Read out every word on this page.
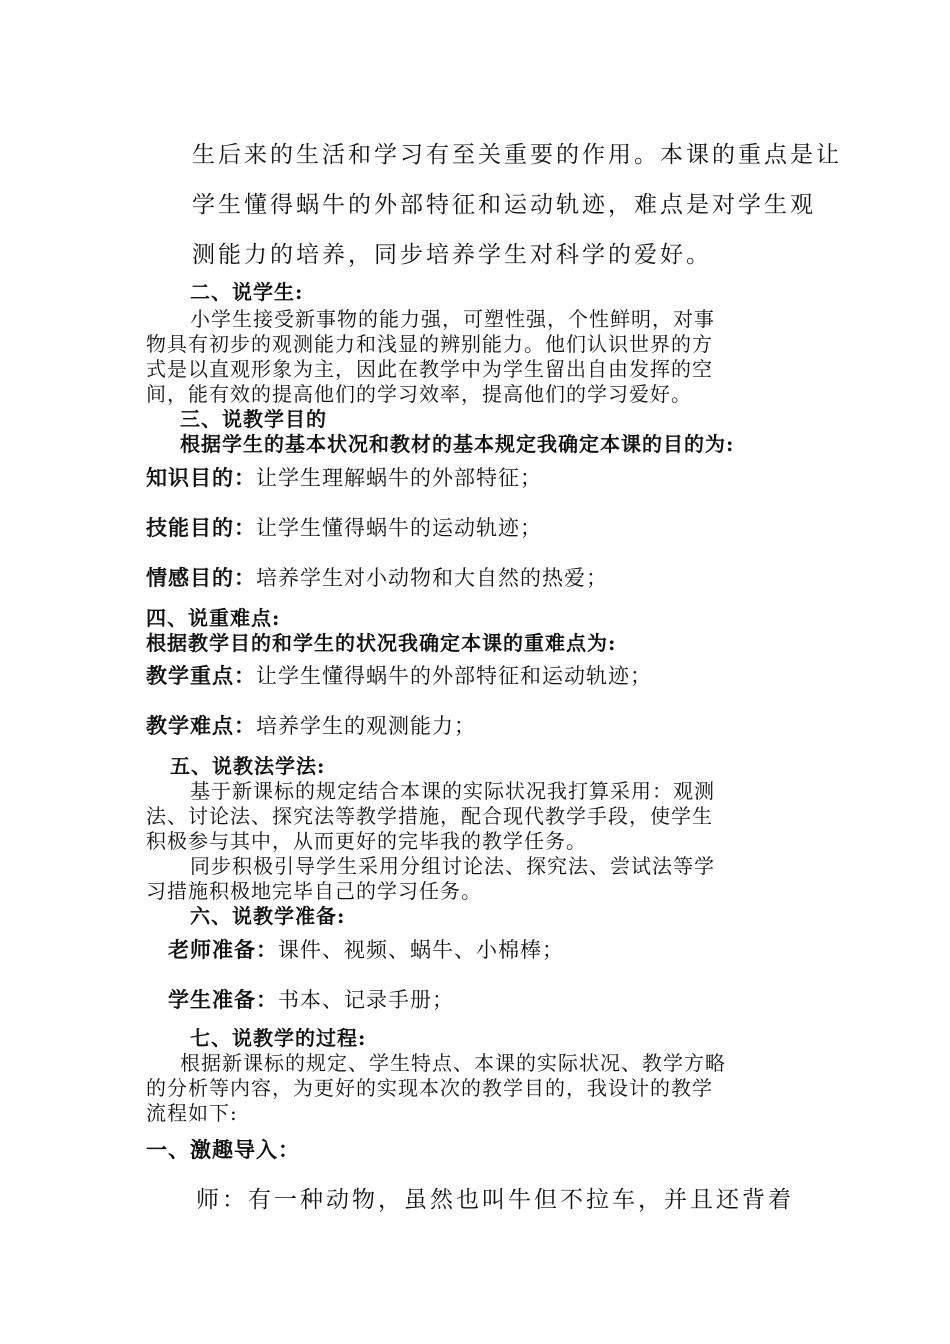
生后来的生活和学习有至关重要的作用。本课的重点是让

学生懂得蜗牛的外部特征和运动轨迹，难点是对学生观

测能力的培养，同步培养学生对科学的爱好。

二、说学生:

小学生接受新事物的能力强，可塑性强，个性鲜明，对事

物具有初步的观测能力和浅显的辨别能力。他们认识世界的方

式是以直观形象为主，因此在教学中为学生留出自由发挥的空

间，能有效的提高他们的学习效率，提高他们的学习爱好。

三、说教学目的

根据学生的基本状况和教材的基本规定我确定本课的目的为:

知识目的：让学生理解蜗牛的外部特征；

技能目的：让学生懂得蜗牛的运动轨迹；

情感目的：培养学生对小动物和大自然的热爱；

四、说重难点:

根据教学目的和学生的状况我确定本课的重难点为:

教学重点：让学生懂得蜗牛的外部特征和运动轨迹；

教学难点：培养学生的观测能力；

五、说教法学法:

基于新课标的规定结合本课的实际状况我打算采用：观测

法、讨论法、探究法等教学措施，配合现代教学手段，使学生

积极参与其中，从而更好的完毕我的教学任务。

同步积极引导学生采用分组讨论法、探究法、尝试法等学

习措施积极地完毕自己的学习任务。

六、说教学准备:

老师准备：课件、视频、蜗牛、小棉棒；

学生准备：书本、记录手册；

七、说教学的过程:

根据新课标的规定、学生特点、本课的实际状况、教学方略

的分析等内容，为更好的实现本次的教学目的，我设计的教学

流程如下:

一、激趣导入：

师：有一种动物，虽然也叫牛但不拉车，并且还背着
